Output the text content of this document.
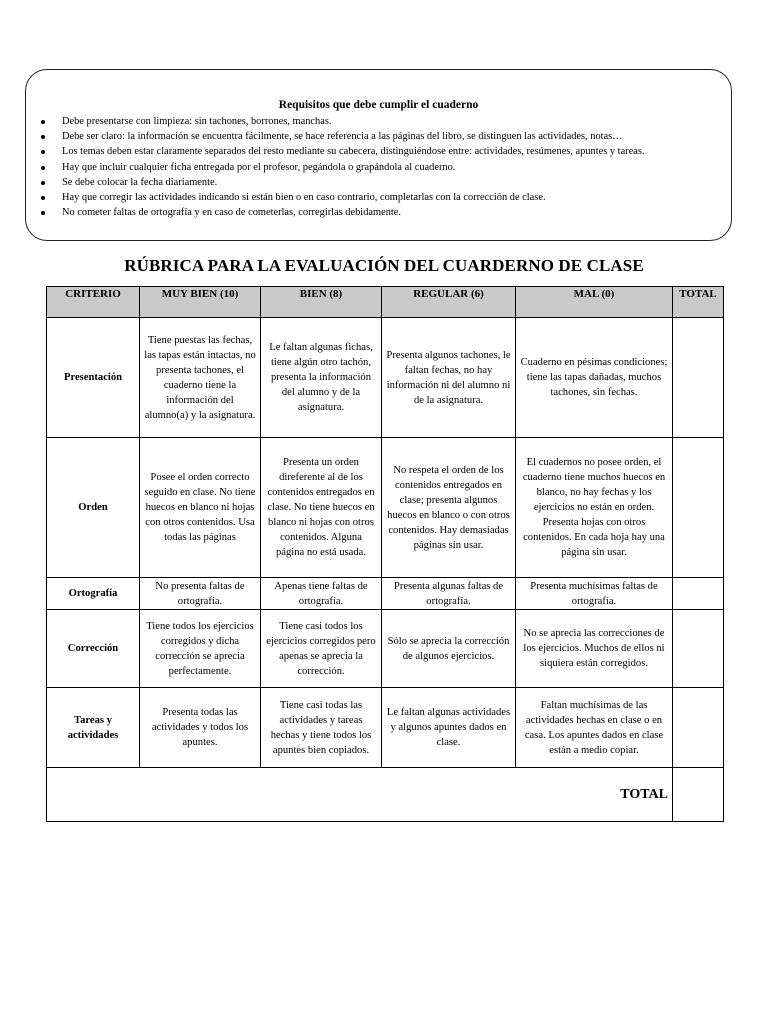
Requisitos que debe cumplir el cuaderno
Debe presentarse con limpieza: sin tachones, borrones, manchas.
Debe ser claro: la información se encuentra fácilmente, se hace referencia a las páginas del libro, se distinguen las actividades, notas…
Los temas deben estar claramente separados del resto mediante su cabecera, distinguiéndose entre: actividades, resúmenes, apuntes y tareas.
Hay que incluir cualquier ficha entregada por el profesor, pegándola o grapándola al cuaderno.
Se debe colocar la fecha diariamente.
Hay que corregir las actividades indicando si están bien o en caso contrario, completarlas con la corrección de clase.
No cometer faltas de ortografía y en caso de cometerlas, corregirlas debidamente.
RÚBRICA PARA LA EVALUACIÓN DEL CUARDERNO DE CLASE
CRITERIO	MUY BIEN (10)	BIEN (8)	REGULAR (6)	MAL (0)	TOTAL
Presentación	Tiene puestas las fechas, las tapas están intactas, no presenta tachones, el cuaderno tiene la información del alumno(a) y la asignatura.	Le faltan algunas fichas, tiene algún otro tachón, presenta la información del alumno y de la asignatura.	Presenta algunos tachones, le faltan fechas, no hay información ni del alumno ni de la asignatura.	Cuaderno en pésimas condiciones; tiene las tapas dañadas, muchos tachones, sin fechas.	
Orden	Posee el orden correcto seguido en clase. No tiene huecos en blanco ni hojas con otros contenidos. Usa todas las páginas	Presenta un orden direferente al de los contenidos entregados en clase. No tiene huecos en blanco ni hojas con otros contenidos. Alguna página no está usada.	No respeta el orden de los contenidos entregados en clase; presenta algunos huecos en blanco o con otros contenidos. Hay demasiadas páginas sin usar.	El cuadernos no posee orden, el cuaderno tiene muchos huecos en blanco, no hay fechas y los ejercicios no están en orden. Presenta hojas con otros contenidos. En cada hoja hay una página sin usar.	
Ortografía	No presenta faltas de ortografía.	Apenas tiene faltas de ortografía.	Presenta algunas faltas de ortografía.	Presenta muchísimas faltas de ortografía.	
Corrección	Tiene todos los ejercicios corregidos y dicha corrección se aprecia perfectamente.	Tiene casi todos los ejercicios corregidos pero apenas se aprecia la corrección.	Sólo se aprecia la corrección de algunos ejercicios.	No se aprecia las correcciones de los ejercicios. Muchos de ellos ni siquiera están corregidos.	
Tareas y actividades	Presenta todas las actividades y todos los apuntes.	Tiene casi todas las actividades y tareas hechas y tiene todos los apuntes bien copiados.	Le faltan algunas actividades y algunos apuntes dados en clase.	Faltan muchísimas de las actividades hechas en clase o en casa. Los apuntes dados en clase están a medio copiar.	
TOTAL					
